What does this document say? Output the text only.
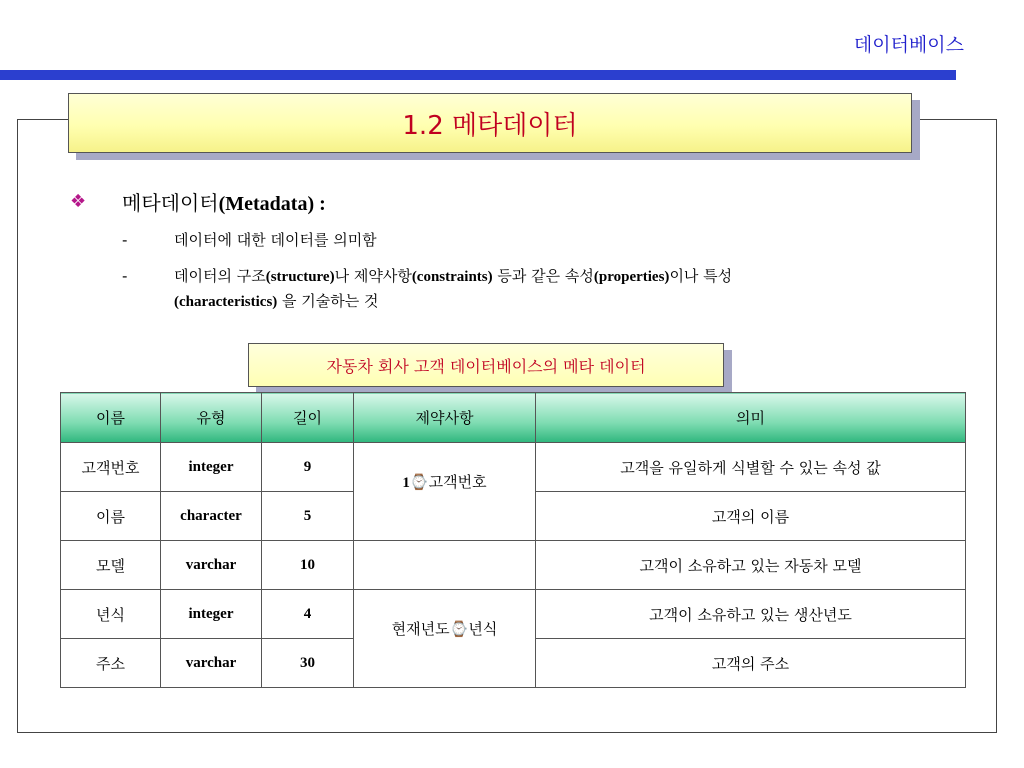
데이터베이스
1.2 메타데이터
❖	메타데이터(Metadata) :
-	데이터에 대한 데이터를 의미함
-	데이터의 구조(structure)나 제약사항(constraints) 등과 같은 속성(properties)이나 특성
(characteristics) 을 기술하는 것
자동차 회사 고객 데이터베이스의 메타 데이터
이름	유형	길이	제약사항	의미
고객번호	integer	9	1⌚고객번호	고객을 유일하게 식별할 수 있는 속성 값
이름	character	5		고객의 이름
모델	varchar	10		고객이 소유하고 있는 자동차 모델
년식	integer	4	현재년도⌚년식	고객이 소유하고 있는 생산년도
주소	varchar	30		고객의 주소
